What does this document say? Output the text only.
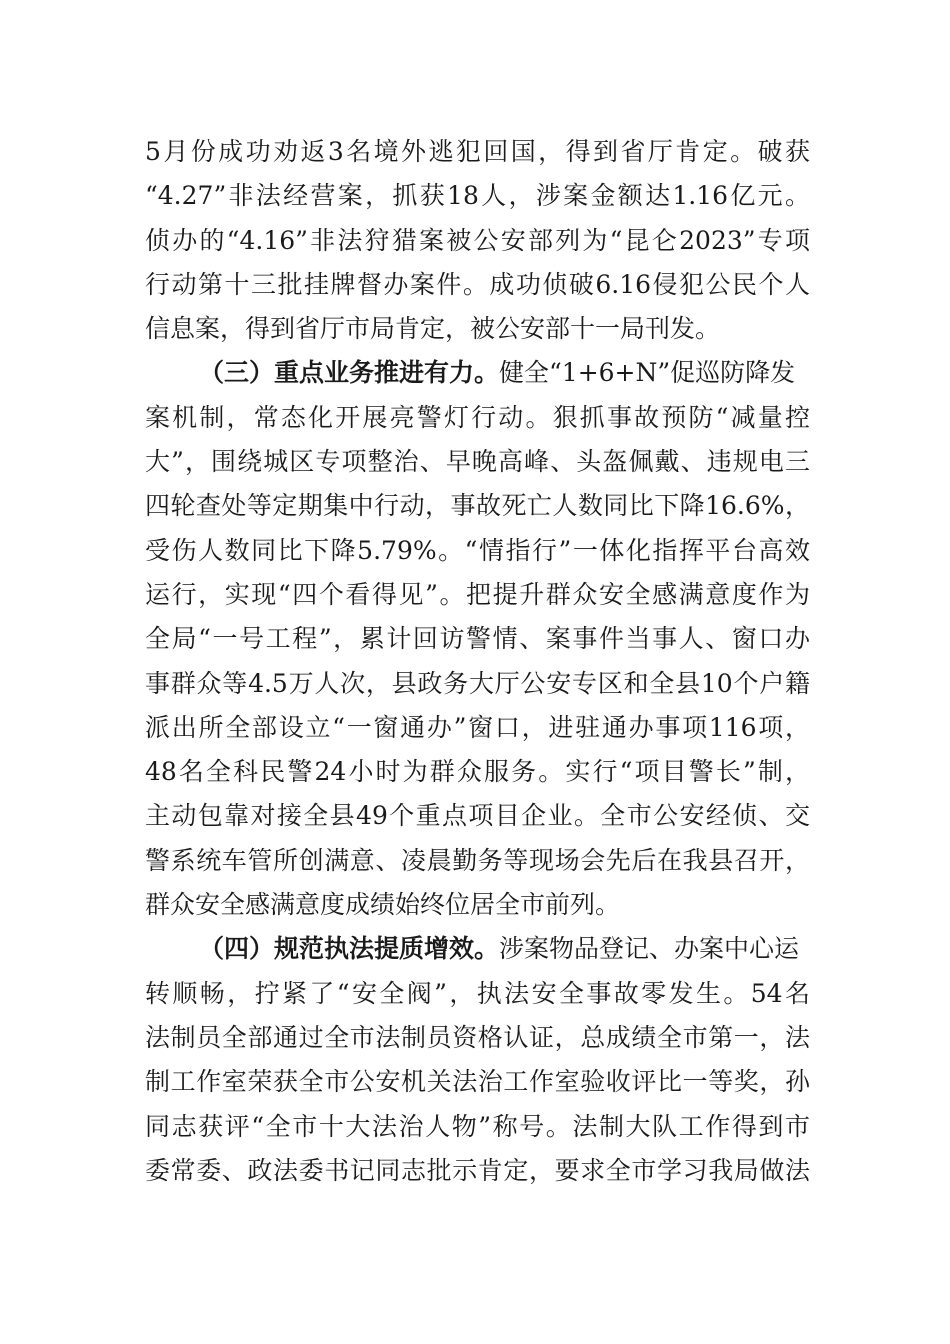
5月份成功劝返3名境外逃犯回国，得到省厅肯定。破获
“4.27”非法经营案，抓获18人，涉案金额达1.16亿元。
侦办的“4.16”非法狩猎案被公安部列为“昆仑2023”专项
行动第十三批挂牌督办案件。成功侦破6.16侵犯公民个人
信息案，得到省厅市局肯定，被公安部十一局刊发。
（三）重点业务推进有力。健全“1+6+N”促巡防降发
案机制，常态化开展亮警灯行动。狠抓事故预防“减量控
大”，围绕城区专项整治、早晚高峰、头盔佩戴、违规电三
四轮查处等定期集中行动，事故死亡人数同比下降16.6%，
受伤人数同比下降5.79%。“情指行”一体化指挥平台高效
运行，实现“四个看得见”。把提升群众安全感满意度作为
全局“一号工程”，累计回访警情、案事件当事人、窗口办
事群众等4.5万人次，县政务大厅公安专区和全县10个户籍
派出所全部设立“一窗通办”窗口，进驻通办事项116项，
48名全科民警24小时为群众服务。实行“项目警长”制，
主动包靠对接全县49个重点项目企业。全市公安经侦、交
警系统车管所创满意、凌晨勤务等现场会先后在我县召开，
群众安全感满意度成绩始终位居全市前列。
（四）规范执法提质增效。涉案物品登记、办案中心运
转顺畅，拧紧了“安全阀”，执法安全事故零发生。54名
法制员全部通过全市法制员资格认证，总成绩全市第一，法
制工作室荣获全市公安机关法治工作室验收评比一等奖，孙
同志获评“全市十大法治人物”称号。法制大队工作得到市
委常委、政法委书记同志批示肯定，要求全市学习我局做法
